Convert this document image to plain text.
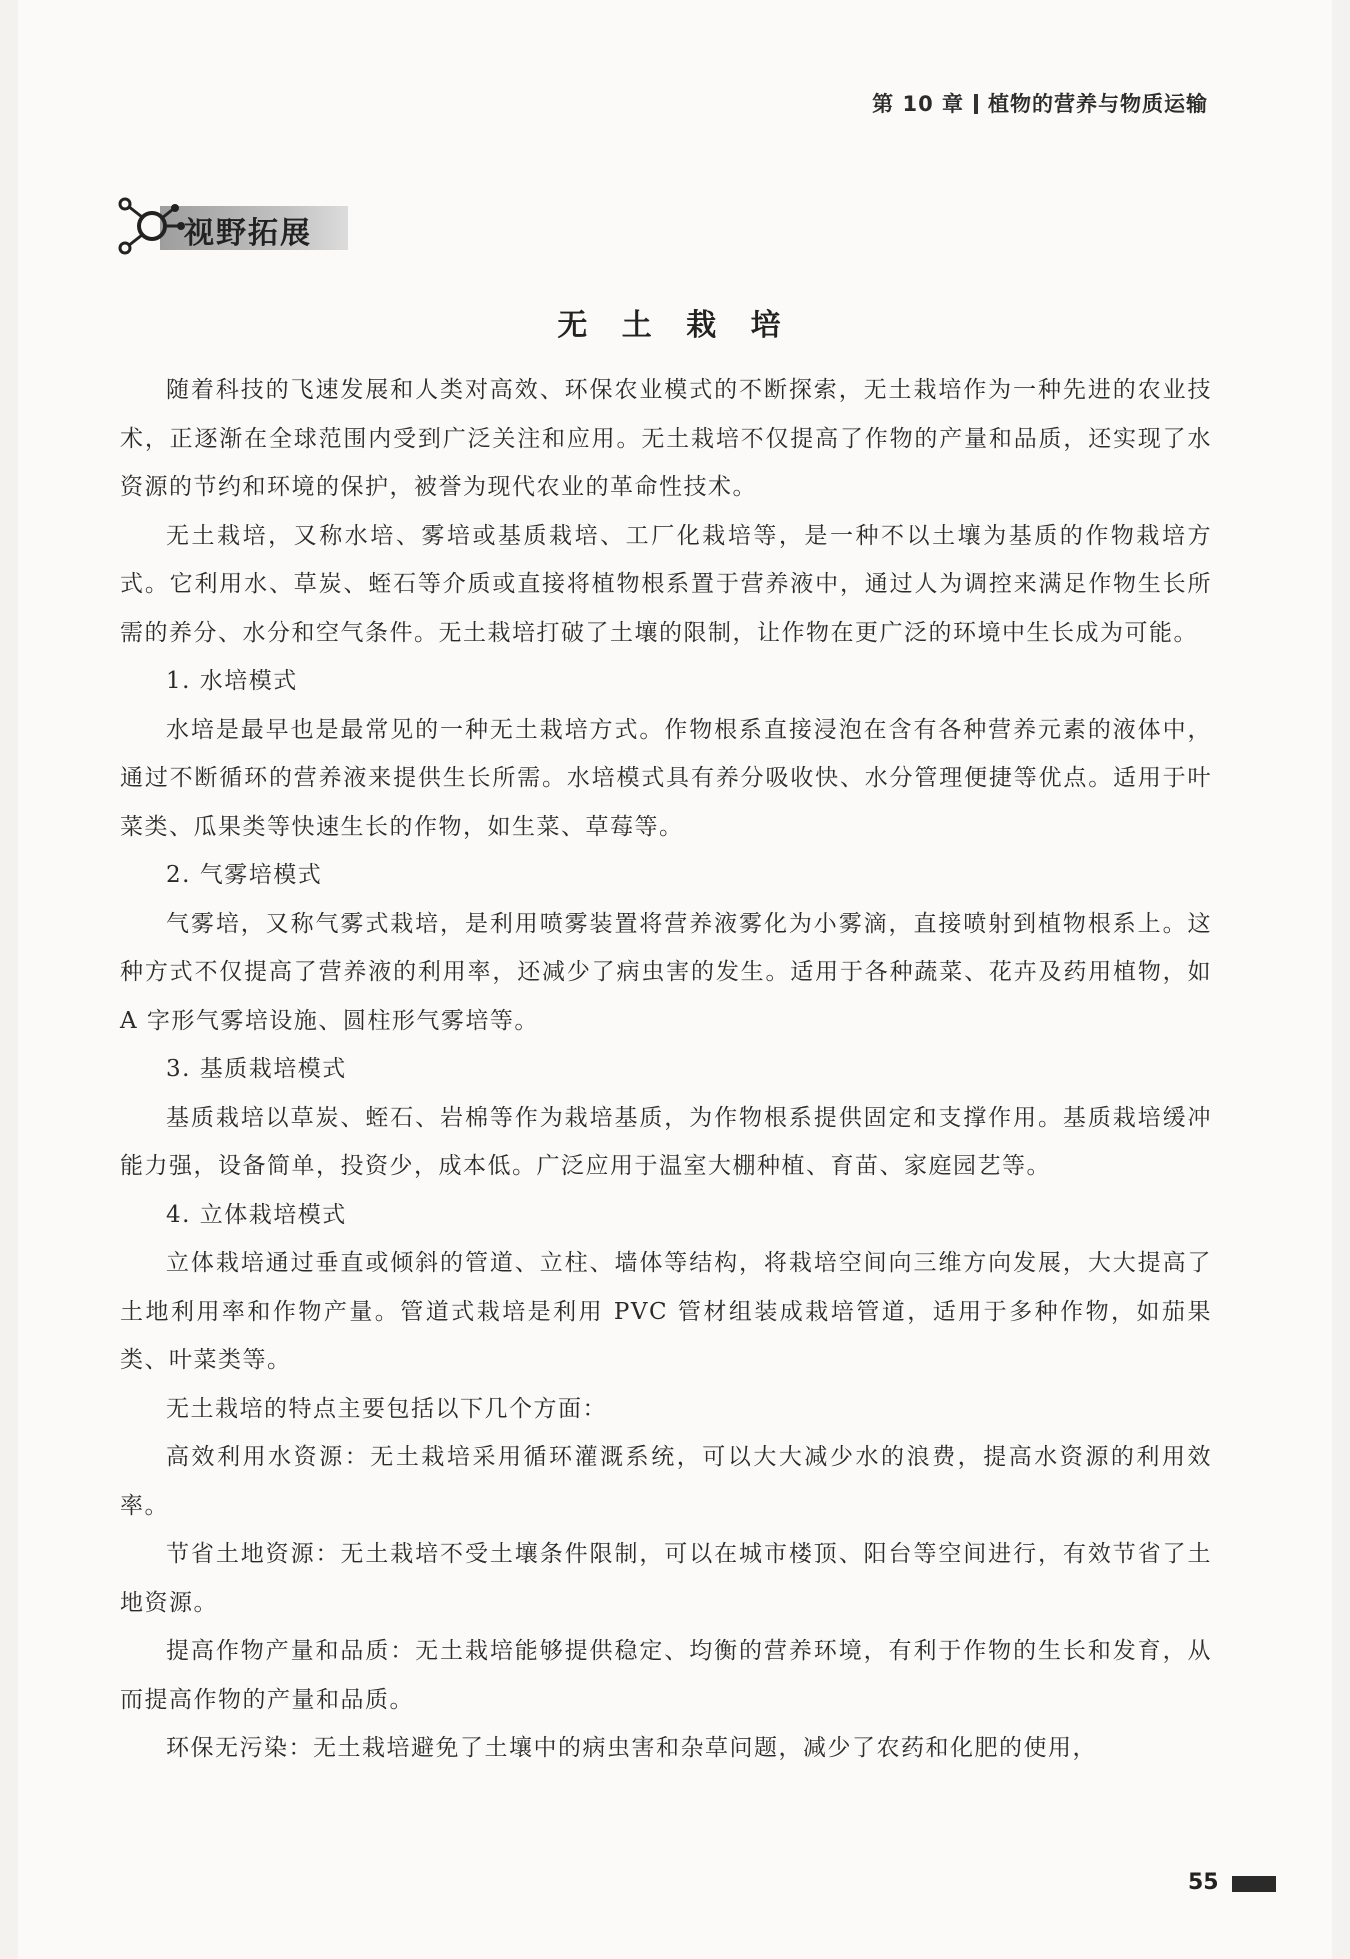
第 10 章 植物的营养与物质运输
视野拓展
无 土 栽 培

随着科技的飞速发展和人类对高效、环保农业模式的不断探索，无土栽培作为一种先进的农业技术，正逐渐在全球范围内受到广泛关注和应用。无土栽培不仅提高了作物的产量和品质，还实现了水资源的节约和环境的保护，被誉为现代农业的革命性技术。

无土栽培，又称水培、雾培或基质栽培、工厂化栽培等，是一种不以土壤为基质的作物栽培方式。它利用水、草炭、蛭石等介质或直接将植物根系置于营养液中，通过人为调控来满足作物生长所需的养分、水分和空气条件。无土栽培打破了土壤的限制，让作物在更广泛的环境中生长成为可能。

1. 水培模式

水培是最早也是最常见的一种无土栽培方式。作物根系直接浸泡在含有各种营养元素的液体中，通过不断循环的营养液来提供生长所需。水培模式具有养分吸收快、水分管理便捷等优点。适用于叶菜类、瓜果类等快速生长的作物，如生菜、草莓等。

2. 气雾培模式

气雾培，又称气雾式栽培，是利用喷雾装置将营养液雾化为小雾滴，直接喷射到植物根系上。这种方式不仅提高了营养液的利用率，还减少了病虫害的发生。适用于各种蔬菜、花卉及药用植物，如 A 字形气雾培设施、圆柱形气雾培等。

3. 基质栽培模式

基质栽培以草炭、蛭石、岩棉等作为栽培基质，为作物根系提供固定和支撑作用。基质栽培缓冲能力强，设备简单，投资少，成本低。广泛应用于温室大棚种植、育苗、家庭园艺等。

4. 立体栽培模式

立体栽培通过垂直或倾斜的管道、立柱、墙体等结构，将栽培空间向三维方向发展，大大提高了土地利用率和作物产量。管道式栽培是利用 PVC 管材组装成栽培管道，适用于多种作物，如茄果类、叶菜类等。

无土栽培的特点主要包括以下几个方面：

高效利用水资源：无土栽培采用循环灌溉系统，可以大大减少水的浪费，提高水资源的利用效率。

节省土地资源：无土栽培不受土壤条件限制，可以在城市楼顶、阳台等空间进行，有效节省了土地资源。

提高作物产量和品质：无土栽培能够提供稳定、均衡的营养环境，有利于作物的生长和发育，从而提高作物的产量和品质。

环保无污染：无土栽培避免了土壤中的病虫害和杂草问题，减少了农药和化肥的使用，

55
